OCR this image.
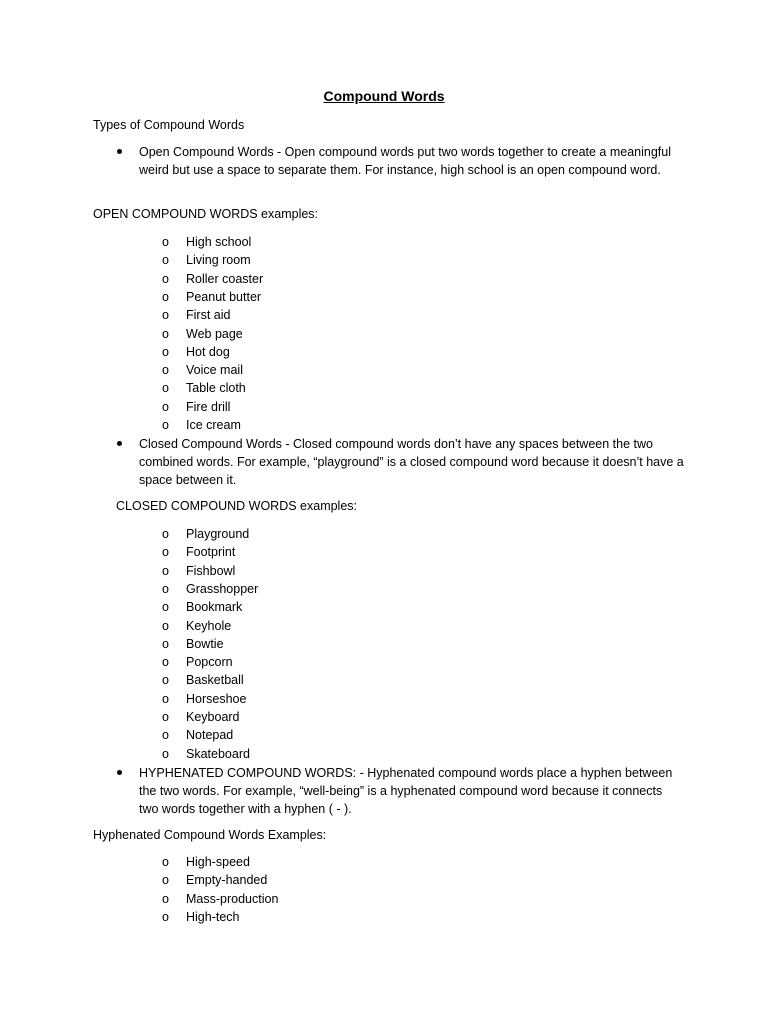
Compound Words
Types of Compound Words
Open Compound Words - Open compound words put two words together to create a meaningful weird but use a space to separate them. For instance, high school is an open compound word.
OPEN COMPOUND WORDS examples:
o	High school
o	Living room
o	Roller coaster
o	Peanut butter
o	First aid
o	Web page
o	Hot dog
o	Voice mail
o	Table cloth
o	Fire drill
o	Ice cream
Closed Compound Words - Closed compound words don’t have any spaces between the two combined words. For example, “playground” is a closed compound word because it doesn’t have a space between it.
CLOSED COMPOUND WORDS examples:
o	Playground
o	Footprint
o	Fishbowl
o	Grasshopper
o	Bookmark
o	Keyhole
o	Bowtie
o	Popcorn
o	Basketball
o	Horseshoe
o	Keyboard
o	Notepad
o	Skateboard
HYPHENATED COMPOUND WORDS: - Hyphenated compound words place a hyphen between the two words. For example, “well-being” is a hyphenated compound word because it connects two words together with a hyphen ( - ).
Hyphenated Compound Words Examples:
o	High-speed
o	Empty-handed
o	Mass-production
o	High-tech
